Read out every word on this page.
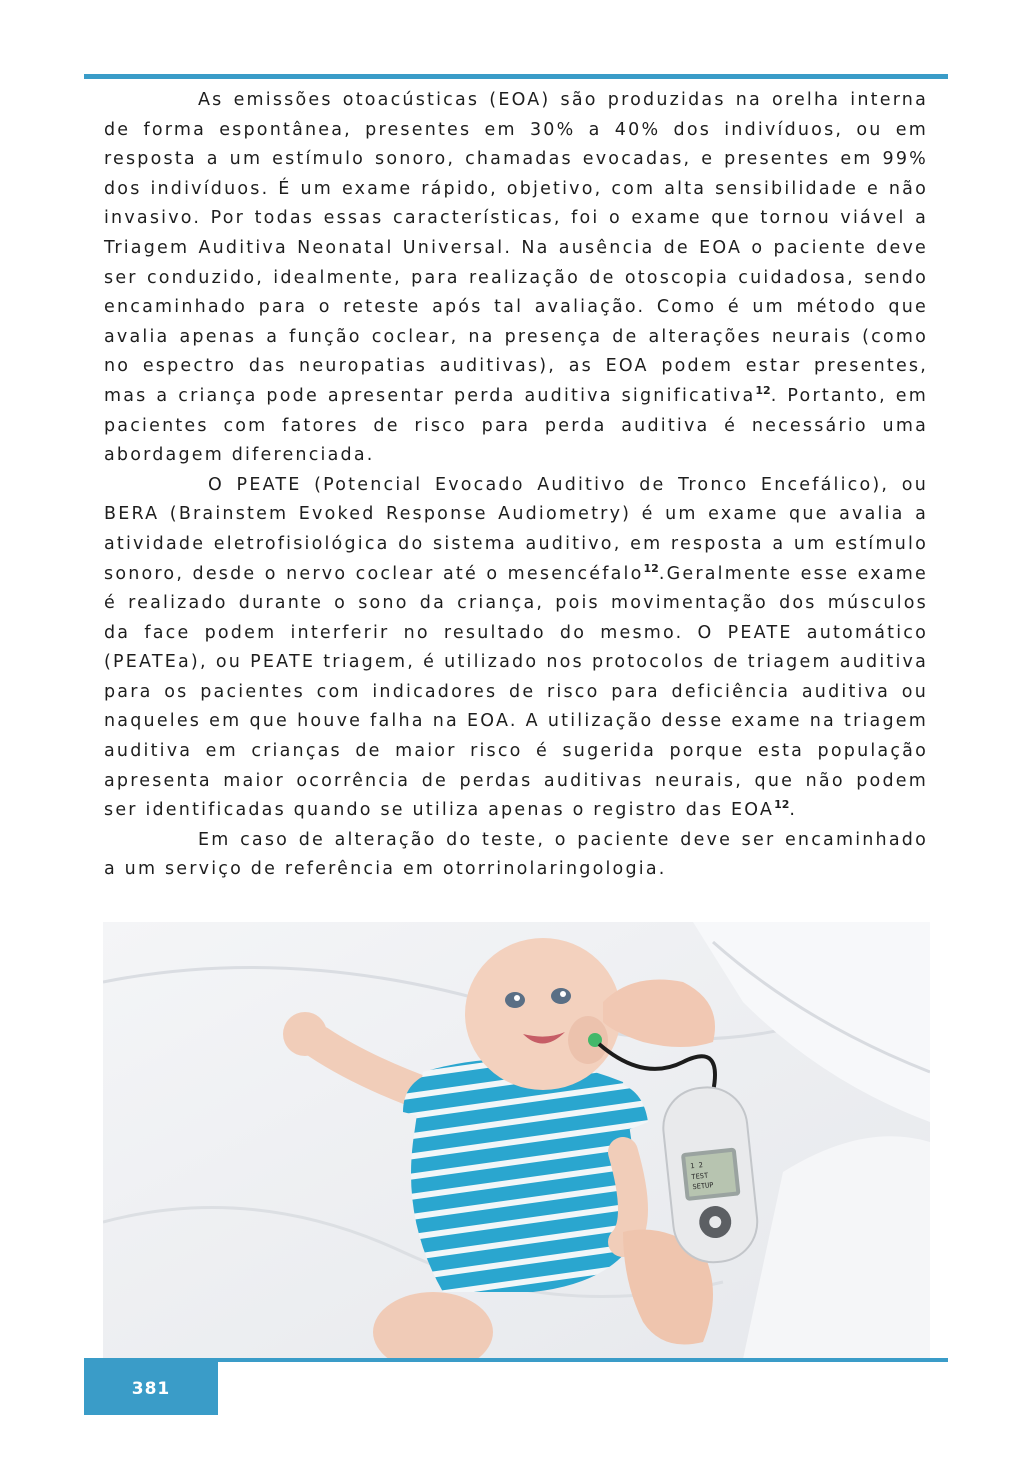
As emissões otoacústicas (EOA) são produzidas na orelha interna de forma espontânea, presentes em 30% a 40% dos indivíduos, ou em resposta a um estímulo sonoro, chamadas evocadas, e presentes em 99% dos indivíduos. É um exame rápido, objetivo, com alta sensibilidade e não invasivo. Por todas essas características, foi o exame que tornou viável a Triagem Auditiva Neonatal Universal. Na ausência de EOA o paciente deve ser conduzido, idealmente, para realização de otoscopia cuidadosa, sendo encaminhado para o reteste após tal avaliação. Como é um método que avalia apenas a função coclear, na presença de alterações neurais (como no espectro das neuropatias auditivas), as EOA podem estar presentes, mas a criança pode apresentar perda auditiva significativa$^{12}$. Portanto, em pacientes com fatores de risco para perda auditiva é necessário uma abordagem diferenciada.

O PEATE (Potencial Evocado Auditivo de Tronco Encefálico), ou BERA (Brainstem Evoked Response Audiometry) é um exame que avalia a atividade eletrofisiológica do sistema auditivo, em resposta a um estímulo sonoro, desde o nervo coclear até o mesencéfalo$^{12}$.Geralmente esse exame é realizado durante o sono da criança, pois movimentação dos músculos da face podem interferir no resultado do mesmo. O PEATE automático (PEATEa), ou PEATE triagem, é utilizado nos protocolos de triagem auditiva para os pacientes com indicadores de risco para deficiência auditiva ou naqueles em que houve falha na EOA. A utilização desse exame na triagem auditiva em crianças de maior risco é sugerida porque esta população apresenta maior ocorrência de perdas auditivas neurais, que não podem ser identificadas quando se utiliza apenas o registro das EOA$^{12}$.

Em caso de alteração do teste, o paciente deve ser encaminhado a um serviço de referência em otorrinolaringologia.

1 2
TEST
SETUP
381
